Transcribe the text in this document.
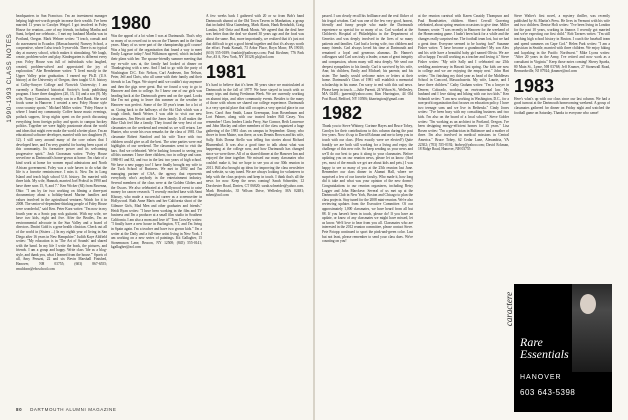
1990-1993 CLASS NOTES
headquarters in San Francisco. I'm an investment manager helping high-net-worth people increase their wealth. I've been married 11 years to Carolyn Weigel. I got involved in Foley House for reunion—one of my friends, including Martha and Sami, helped me celebrate... I met my husband Martha was in Portland, Oregon. Mark Wehner writes: "I teach, consult and do assessment in Ecuador. (Massachusetts) Nursery School, a cooperative, where I also teach 5-year-olds. There is no typical day at nursery school, which makes it stimulating. We laugh, create, problem-solve and play. Kindergarten is different every year. Foley House was full of individuals who laughed, created, problem-solved and appreciated the joy of exploration." Abe Bernheimer writes: "I lived mostly in the Upper Valley prior graduation. I earned my Ph.D. (U.S. history) at the University of Oregon, then taught U.S. history at Colby-Sawyer College and Norwich University; I am currently a Rumford historical Society's book publishing program. I have three daughters (20, 15, 11) and a son (9). My wife, Nancy Cummins, recently ran in a Red Bank. She used foods some in Hanover. I created a new Foley House style cross-country sports." Michael Miller writes: "Foley House is where I found my community. Coffee house music evenings, potluck suppers, lit-up nights spent on the porch discussing everything from foreign policy and sports to campus hockey politics. Together we were highly passionate about the world and ideas that might ever make the world a better place. I'm an educational software developer, married with two daughters (9, 12). I still carry around many of the core values that I developed here, and I'm very grateful for having been a part of this community. Its formative power and its welcoming progressive spirit." Josh Grossman writes: "Foley House served me as Dartmouth's home-grown at home. I'm chair of a kind work at home for women equal admissions and North African government. Foley was a safe haven to do what the life is a favorite reminiscence. I miss it. Now I'm in Long Island and teach high school U.S. history. I'm married with three kids. My wife, Hannah, married Joel Probstl in 1990 and have three sons 15, 9, and 7." Ken Wicker (84) from Ravenna, Ohio: "I am by far two working on filming a three-part documentary about a holiday-based Marine families and values involved in the agricultural ventures. Watch for it in 2008. The senior-of-dependent-thinking people of Foley House were wonderful," said Ken. Peter Kurz writes: "I'm now in my fourth year as a Sonic pop rock guitarist. With my wife, we have two kids, eight and five. After the Beatles, I'm an environmental advocate in the Sun Valley and a board of directors. Dmitri Gold is a gene health clinician. Check out all of the world in (Sisters ...) In my eighth year of living in San Diego after 16 years in New Hampshire." Judith Kaye Aldfield writes: "My education is in 'The Art of Sounds' and shared with the band. In my life I write the book, the pictures, and friends. I am a group and happy. Write class 'life as a blog-style, and thank you, what I learned from the house.'" Sports of all, Amy Peruzzi, 22 and six Bevin Marshall Finished, Hanover, NH 03755; (603) 867-6555; rmuldoon@ebcschool.com
1980
Was the appeal of a lot when I was at Dartmouth. That's why so many of us rowed out to sea on the Thames and in the final years. Many of us were part of the championship golf course! Was a big part of the organization that found a way to meet Emily Lagasse today? And Wilkinson agreed, which included their plans with her. The spouse-friendly summer meeting that my ex-wife was at, the family had looked at dinner on Thanksgiving with a new. And I had to go with the party of Washington D.C. Eric Nelson, Carl Andersen, Jim Nelson, Peter, Jeff and Chris, who all came with their family and their friends to Las Vegas. We stayed until we couldn't stay anymore and then the gigs were great. But we found a way to go to Hanover and then to college. So I knew one of our girls was heading back at the Dartmouth green and on the quad. Looks like I'm not going to leave this summer as the weather in Hanover was perfect. Some of the 30 year's team for a lot of us. Going back to the hallways of the Ski Club which was a tough climb, Sandi Weiser. I was able to visit our new classmates, Jim Hewitt and the Jones family. It all makes the Bike Club feel like a family. They found the very best of our classmates on the weekend and remind us we will return. Lee Hunter, who wrote his own remarks for the class of 1981. Our classmate Robert Stanford and his wife Trace with two children would give us all the best. The wine parties were real highlights of our weekend. The classmates went to visit the bars. And we celebrated. We're looking forward to seeing you all this summer. I have three children, two in college and soon. 1980-81 and 82, and two in the last two years of high school. We have a new puppy too! I have finally brought my wife to the Tuck School of Business. We met in 2002 and I'm managing partner of CAA, the agency that represents everybody who's anybody in the entertainment industry. Several members of the class were at the Golden Globes and the Oscars. We also celebrated at a Hollywood event to raise money for cancer research. "I recently reached base with Sami Khoury, who made a successful career as a screenwriter in Hollywood. Ruth Anne Maris and her California shoot of the Gilmore Girls, Mad Men and other graduates and friends." Heidi Ryan writes: "I have been working in the film and TV business and I'm a producer at a small film studio in Southern California. I am also a mom and love it!" Tom Crowley writes: "I finally have a new house in Burlington, VT, and I'm living in Spain again. I'm a teacher and have two grown kids." I'm a writer at the Daily and a full-time artist living in New York. I am working on a new series of paintings. Kit Gallagher, 15 Stonemason Lane, Beacon, NY 12508; (845) 555-0141; kgallagher@aol.com
A few weeks back I gathered with 20 or so from Bob's band Dartmouth alumni at the Old Town Tavern in Manhattan, a group that included Alisa Gutenberg, Mark Alanis, Hank Reinholdt, Craig Landau, Jeff Ortiz and Hank Monis. We agreed that the deal here was better than the deal we shared 30 years ago and the food was about the same. But, more importantly, we realized that it's just not that difficult to get a good friend together and that it's always worth the effort. Frank Kamali, 73 Arbor Place, Boyn Mawr, PA 19010; (610) 555-0189; frankie@pathways.com; Paul Kirshner, 776 Park Ave, #3 A, New York, NY 10128; pk@aol.com
1981
It's hard to believe that it's been 30 years since we matriculated at Dartmouth in the fall of 1977! We have stayed in touch with so many trips and during Freshman Week. We are currently working on alumni trips, and other community events. Besides to the many of those with whom we shared our college experience. Dartmouth is a very special place that still occupies a very special place in our lives. Carol Ann Smith, Laura Greenspan, Joan Rosenbaum and Lori Palmer, along with our trusted leader Bill Casey. You remember! Class leaders Linda Perry, Sue Connor, Beth Lawrence and John Maclay and other members of the class organized a huge gathering of the 1981 class on campus in September. Ginny, who drove in from Maine, was there, as was Dennis Brown and his wife, Sally. Kids Donna Aiello was telling fun stories about Richard Blumenthal. It was also a good time to talk about what was happening at the college now, and how Dartmouth has changed since we were there. All of us shared dinner at the Hanover Inn and enjoyed the time together. We missed our many classmates who couldn't make it, but we hope to see you at our 30th reunion in 2011. Bill also brought up ideas for improving the class newsletter and website, so stay tuned. We are always looking for volunteers to help with the class projects and keep in touch. I think that's all the news for now. Keep the news coming! Sarah Schneider, 12 Dorchester Road, Darien, CT 06820; sarah.schneider@yahoo.com. Mark Hendricks, 35 Wilson Drive, Wellesley, MA 02481; mhen@aol.com
80 DARTMOUTH ALUMNI MAGAZINE
passed. I can clearly recall his brilliance and the real flicker of his frugal wisdom. Carl was one of the few very good, honest, friendly and funny people who made the Dartmouth experience so special for so many of us. Carl worked at the Children's Hospital of Philadelphia in the Department of Genetics and was deeply involved in the lives of so many patients and families. Carl had a loving wife, two children and many friends. Carl always loved his time at Dartmouth and remained a loyal and generous alumnus. Dr. Hamer's colleagues said Carl was truly a leader, a man of great integrity and compassion, whom many will miss deeply. We send our deepest sympathies to his family. Carl is survived by his wife, Ann; his children, Emily and Michael; his parents; and his sister. The family would welcome notes or letters at their home. Dartmouth's Class of 1981 will establish a memorial scholarship in his name. I'm sorry to end with this sad news. Please keep in touch. —Julie Parenti, 24 Wilson St., Wellesley, MA 02481; jparenti@yahoo.com; Kim Harrington, 44 Old Post Road, Bedford, NY 10506; kharrington@gmail.com
1982
Thank you to Steve Whitney, Corinne Hayes and Bruce Tobey, Carolyn for their contributions to this column during the past few years. Now it's up to David Eckman and me to keep you in touch with our class. (How exactly were we elected?) Quite frankly we are both still working for a living and enjoy the challenge of this new role. So keep sending us your news and we'll do our best to pass it along to your classmates. Before updating you on our reunion news, please let us know. (And yes, most of the emails we get are about kids and pets.) I was happy to see so many of you at the 25th reunion last June. Remember our class dinner in Alumni Hall, where we surprised a few of our favorite faculty. Who made it, how long did it take and what was your opinion of the new dorms? Congratulations to our reunion organizers, including Betsy Lagger and John Marckese. Several of us met up at the Dartmouth Club in New York, Boston and Chicago to plan the class projects. Stay tuned for the 2008 mini-reunion. We're also reviewing updates from the Executive Committee. Of our approximately 1,000 classmates, we have heard from all but 88. If you haven't been in touch, please do! If you have an update, or know of any classmates we might have missed, let us know. We'd love to hear from you all. Classmates who are interested in the 2012 reunion committee, please contact Steve. Pete Fotopp continued to sport the pink-and-green color. Last but not least, please remember to send your class dues. We're counting on you!
at the reunion carnival with Karen Cassidy Thompson and Paul Brandstetter, children. Sherri Cervall Graveing celebrated, about spring reunion occasions to give time. Miller Sumner, wrote: "I was recently in Hanover for the weekend of the Homecoming game. I hadn't been back for a while and the changes really surprised me. The football team lost, but we had a great time. Everyone seemed to be having fun!" Suzanne Fisher writes: "I have become a grandmother! My son Alex and his wife have a beautiful baby girl named Olivia. We are all so happy. I'm still working as a teacher and loving it." Steve Fisher writes: "My wife Sally and I celebrated our 25th wedding anniversary in Hawaii last spring. Our kids are now in college and we are enjoying the empty nest." John Hart writes: "I'm finishing my third year as head of the Middlesex School in Concord, Massachusetts. My wife, Laurie, and I have three children." Cathy Graham writes: "I'm a lawyer in Denver, Colorado, working on environmental law. My husband and I love skiing and hiking with our two kids." Ken Schmidt writes: "I am now working in Washington, D.C., for a non-profit organization that focuses on education policy. I have two teenage sons and we live in Bethesda." Cindy Jones writes: "I've been busy with my consulting business and two kids. I'm also on the board of a local school." Steve Golder writes: "I'm working as an architect in Portland, Oregon. I've been designing energy-efficient homes for 15 years." Lisa Rosen writes: "I'm a pediatrician in Baltimore and a mother of three. I'm also involved in medical missions in Central America." Bruce Tobey, 62 Cedar Lane, Alexandria, VA 22302; (703) 555-0192; btobey@yahoo.com; David Eckman, 18 Ridge Road, Hanover, NH 03755
Steve Walter's first novel, a mystery thriller, was recently published by St. Martin's Press. He lives in Vermont with his wife and two children. Denise Holt writes: "I've been living in London for the past 10 years, working in finance. I recently got married and we're expecting our first child." Rob Tavares writes: "I'm still teaching high school history in Boston. I coach the baseball team and spend summers on Cape Cod." Helen Park writes: "I am a physician in Seattle, married with three children. We enjoy hiking and kayaking in the Pacific Northwest." Mike Lyons writes: "After 20 years in the Army, I've retired and now work as a consultant in Virginia." Keep those notes coming! Sherry Sparks, 80 Main St., Lyme, NH 03768; Jeff Kramer, 27 Stonewall Road, Bernardsville, NJ 07924; jkramer@aol.com
1983
Here's what's up with our class since our last column. We had a good turnout at the Dartmouth homecoming weekend. A group of classmates gathered for dinner on Friday night and watched the football game on Saturday. Thanks to everyone who came!
caractere
Rare
Essentials
HANOVER
603 643-5398
